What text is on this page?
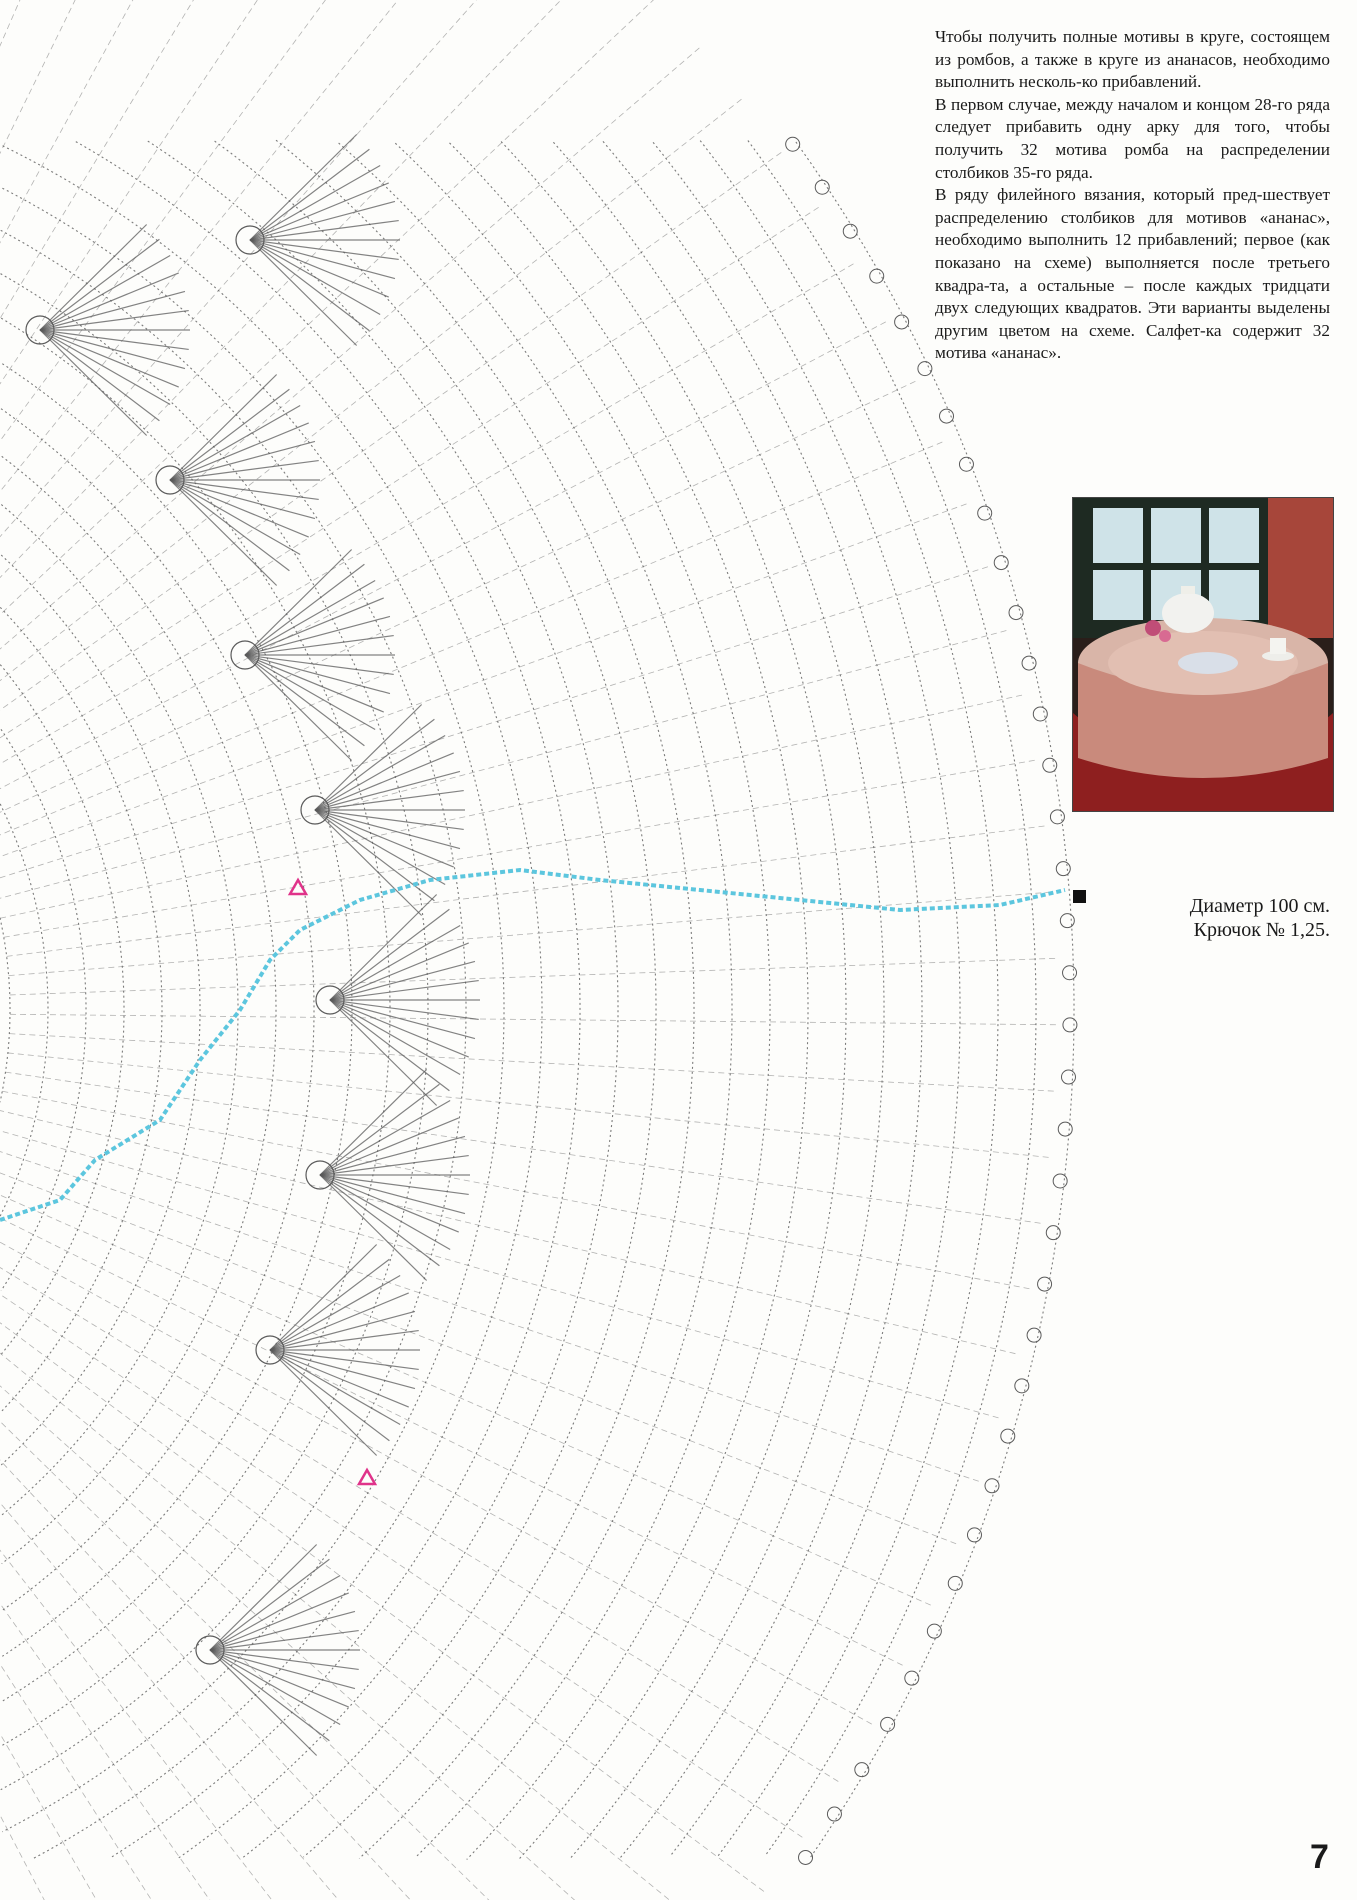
Чтобы получить полные мотивы в круге, состоящем из ромбов, а также в круге из ананасов, необходимо выполнить несколь-ко прибавлений.

В первом случае, между началом и концом 28-го ряда следует прибавить одну арку для того, чтобы получить 32 мотива ромба на распределении столбиков 35-го ряда.

В ряду филейного вязания, который пред-шествует распределению столбиков для мотивов «ананас», необходимо выполнить 12 прибавлений; первое (как показано на схеме) выполняется после третьего квадра-та, а остальные – после каждых тридцати двух следующих квадратов. Эти варианты выделены другим цветом на схеме. Салфет-ка содержит 32 мотива «ананас».

Диаметр 100 см.
Крючок № 1,25.
7
